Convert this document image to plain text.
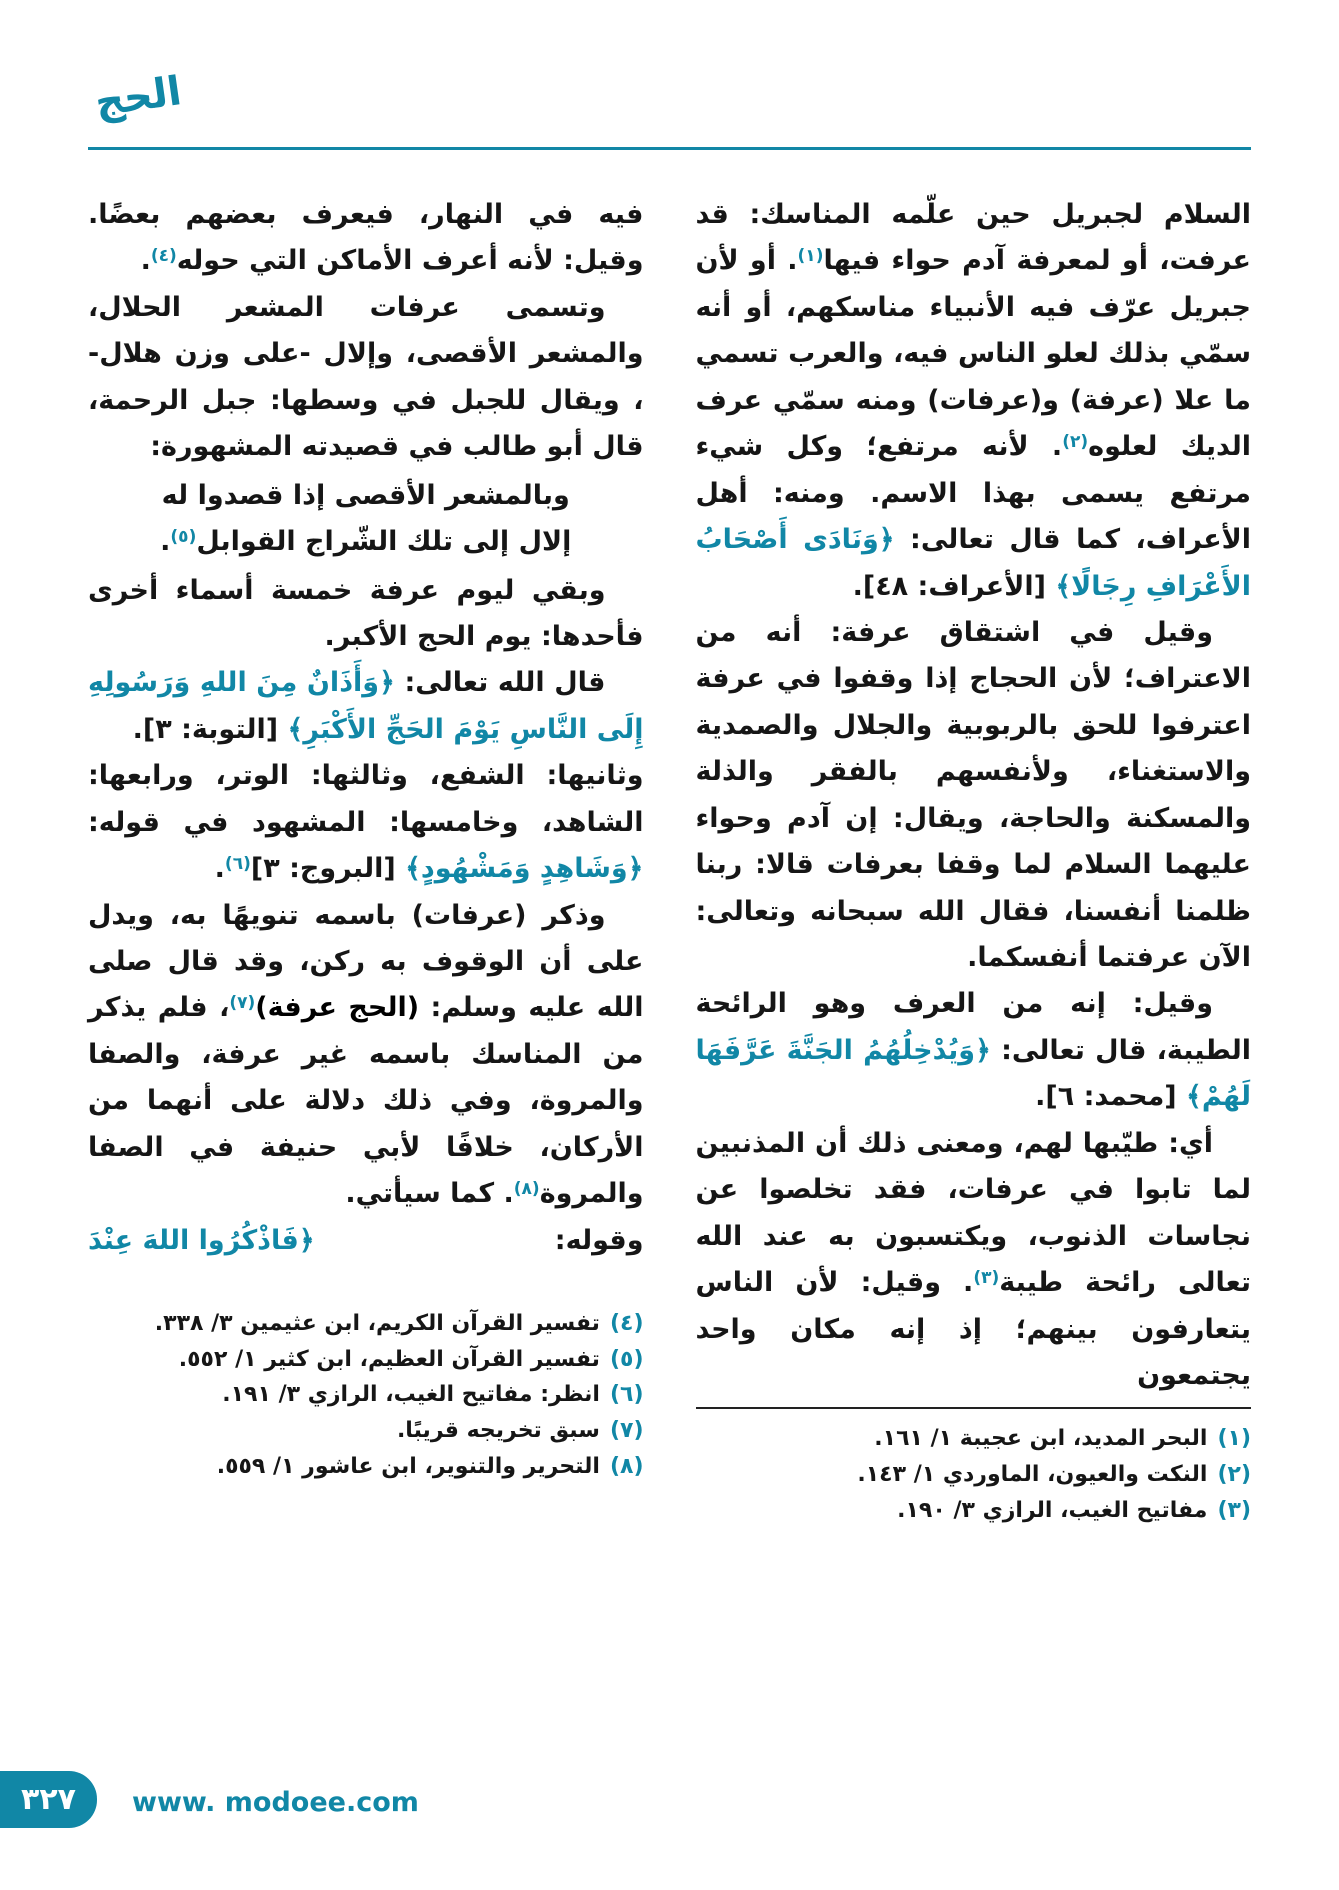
الحج

السلام لجبريل حين علّمه المناسك: قد عرفت، أو لمعرفة آدم حواء فيها$^{(١)}$. أو لأن جبريل عرّف فيه الأنبياء مناسكهم، أو أنه سمّي بذلك لعلو الناس فيه، والعرب تسمي ما علا (عرفة) و(عرفات) ومنه سمّي عرف الديك لعلوه$^{(٢)}$. لأنه مرتفع؛ وكل شيء مرتفع يسمى بهذا الاسم. ومنه: أهل الأعراف، كما قال تعالى: ﴿وَنَادَى أَصْحَابُ الأَعْرَافِ رِجَالًا﴾ [الأعراف: ٤٨].

وقيل في اشتقاق عرفة: أنه من الاعتراف؛ لأن الحجاج إذا وقفوا في عرفة اعترفوا للحق بالربوبية والجلال والصمدية والاستغناء، ولأنفسهم بالفقر والذلة والمسكنة والحاجة، ويقال: إن آدم وحواء عليهما السلام لما وقفا بعرفات قالا: ربنا ظلمنا أنفسنا، فقال الله سبحانه وتعالى: الآن عرفتما أنفسكما.

وقيل: إنه من العرف وهو الرائحة الطيبة، قال تعالى: ﴿وَيُدْخِلُهُمُ الجَنَّةَ عَرَّفَهَا لَهُمْ﴾ [محمد: ٦].

أي: طيّبها لهم، ومعنى ذلك أن المذنبين لما تابوا في عرفات، فقد تخلصوا عن نجاسات الذنوب، ويكتسبون به عند الله تعالى رائحة طيبة$^{(٣)}$. وقيل: لأن الناس يتعارفون بينهم؛ إذ إنه مكان واحد يجتمعون

(١)
البحر المديد، ابن عجيبة ١/ ١٦١.
(٢)
النكت والعيون، الماوردي ١/ ١٤٣.
(٣)
مفاتيح الغيب، الرازي ٣/ ١٩٠.

فيه في النهار، فيعرف بعضهم بعضًا. وقيل: لأنه أعرف الأماكن التي حوله$^{(٤)}$.

وتسمى عرفات المشعر الحلال، والمشعر الأقصى، وإلال -على وزن هلال- ، ويقال للجبل في وسطها: جبل الرحمة، قال أبو طالب في قصيدته المشهورة:

وبالمشعر الأقصى إذا قصدوا له
إلال إلى تلك الشّراج القوابل$^{(٥)}$.

وبقي ليوم عرفة خمسة أسماء أخرى فأحدها: يوم الحج الأكبر.

قال الله تعالى: ﴿وَأَذَانٌ مِنَ اللهِ وَرَسُولِهِ إِلَى النَّاسِ يَوْمَ الحَجِّ الأَكْبَرِ﴾ [التوبة: ٣].

وثانيها: الشفع، وثالثها: الوتر، ورابعها: الشاهد، وخامسها: المشهود في قوله: ﴿وَشَاهِدٍ وَمَشْهُودٍ﴾ [البروج: ٣]$^{(٦)}$.

وذكر (عرفات) باسمه تنويهًا به، ويدل على أن الوقوف به ركن، وقد قال صلى الله عليه وسلم: (الحج عرفة)$^{(٧)}$، فلم يذكر من المناسك باسمه غير عرفة، والصفا والمروة، وفي ذلك دلالة على أنهما من الأركان، خلافًا لأبي حنيفة في الصفا والمروة$^{(٨)}$. كما سيأتي.

وقوله:
﴿فَاذْكُرُوا اللهَ عِنْدَ

(٤)
تفسير القرآن الكريم، ابن عثيمين ٣/ ٣٣٨.
(٥)
تفسير القرآن العظيم، ابن كثير ١/ ٥٥٢.
(٦)
انظر: مفاتيح الغيب، الرازي ٣/ ١٩١.
(٧)
سبق تخريجه قريبًا.
(٨)
التحرير والتنوير، ابن عاشور ١/ ٥٥٩.
٣٢٧ www. modoee.com
